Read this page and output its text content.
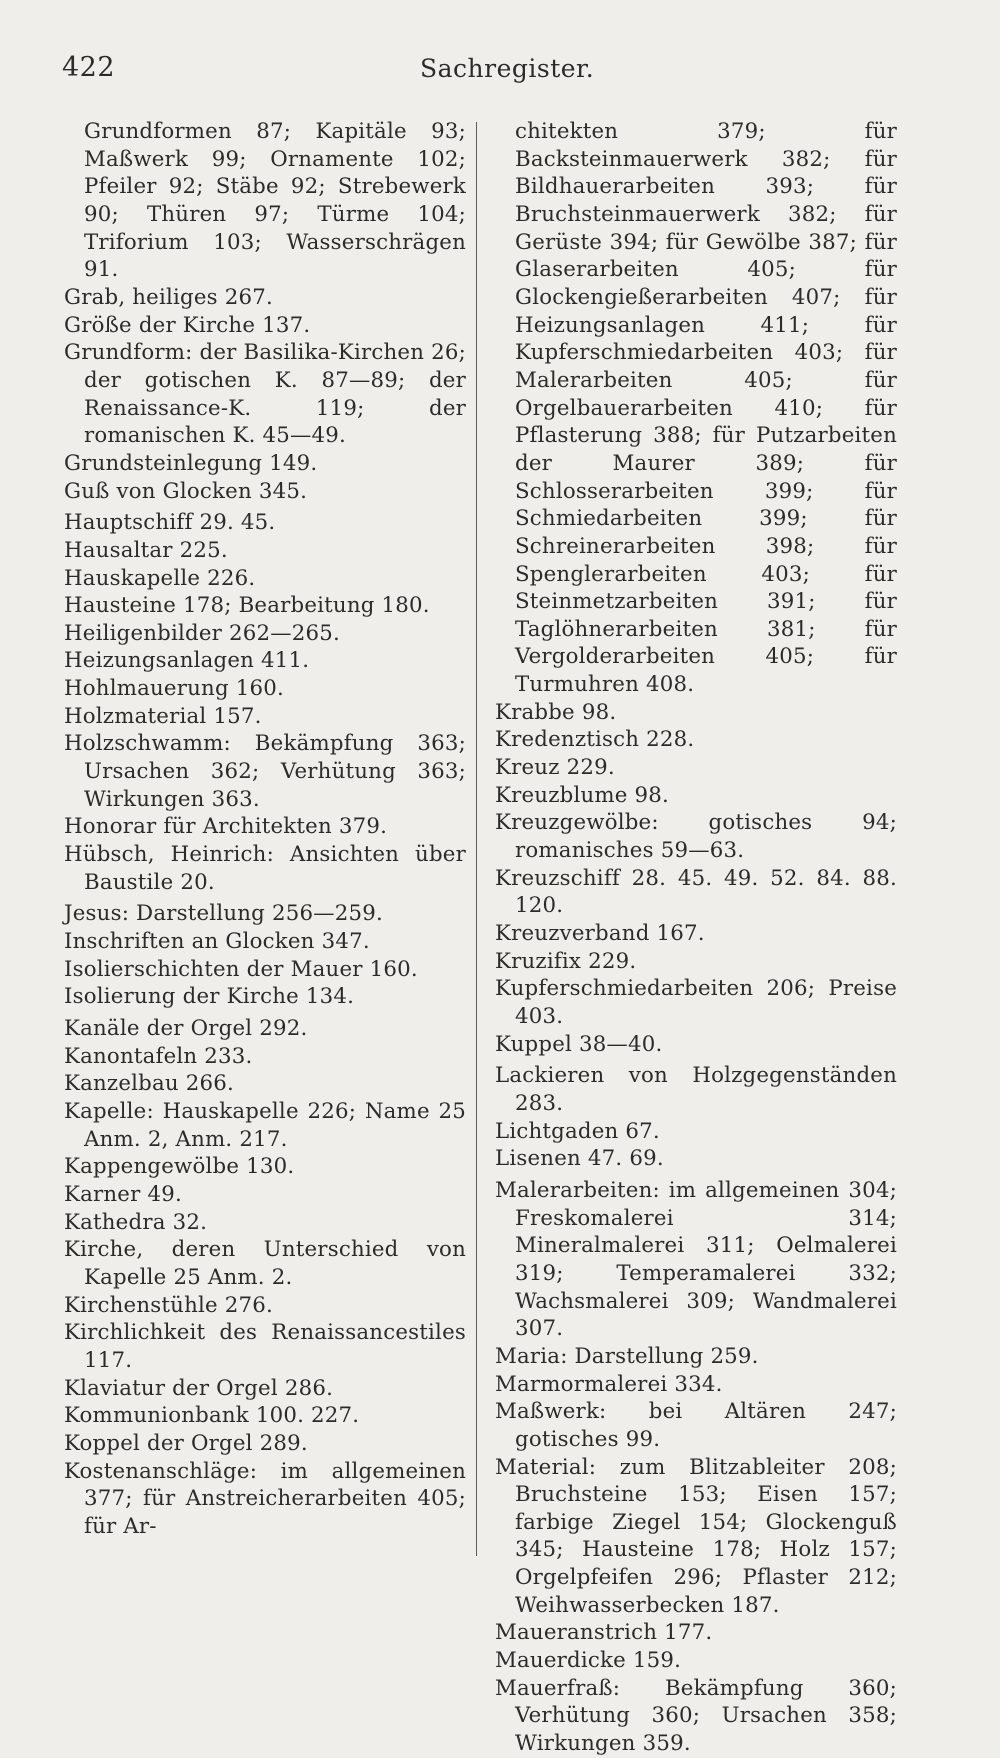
422	Sachregister.

Grundformen 87; Kapitäle 93; Maßwerk 99; Ornamente 102; Pfeiler 92; Stäbe 92; Strebewerk 90; Thüren 97; Türme 104; Triforium 103; Wasserschrägen 91.

Grab, heiliges 267.

Größe der Kirche 137.

Grundform: der Basilika-Kirchen 26; der gotischen K. 87—89; der Renaissance-K. 119; der romanischen K. 45—49.

Grundsteinlegung 149.

Guß von Glocken 345.

Hauptschiff 29. 45.

Hausaltar 225.

Hauskapelle 226.

Hausteine 178; Bearbeitung 180.

Heiligenbilder 262—265.

Heizungsanlagen 411.

Hohlmauerung 160.

Holzmaterial 157.

Holzschwamm: Bekämpfung 363; Ursachen 362; Verhütung 363; Wirkungen 363.

Honorar für Architekten 379.

Hübsch, Heinrich: Ansichten über Baustile 20.

Jesus: Darstellung 256—259.

Inschriften an Glocken 347.

Isolierschichten der Mauer 160.

Isolierung der Kirche 134.

Kanäle der Orgel 292.

Kanontafeln 233.

Kanzelbau 266.

Kapelle: Hauskapelle 226; Name 25 Anm. 2, Anm. 217.

Kappengewölbe 130.

Karner 49.

Kathedra 32.

Kirche, deren Unterschied von Kapelle 25 Anm. 2.

Kirchenstühle 276.

Kirchlichkeit des Renaissancestiles 117.

Klaviatur der Orgel 286.

Kommunionbank 100. 227.

Koppel der Orgel 289.

Kostenanschläge: im allgemeinen 377; für Anstreicherarbeiten 405; für Ar-

chitekten 379; für Backsteinmauerwerk 382; für Bildhauerarbeiten 393; für Bruchsteinmauerwerk 382; für Gerüste 394; für Gewölbe 387; für Glaserarbeiten 405; für Glockengießerarbeiten 407; für Heizungsanlagen 411; für Kupferschmiedarbeiten 403; für Malerarbeiten 405; für Orgelbauerarbeiten 410; für Pflasterung 388; für Putzarbeiten der Maurer 389; für Schlosserarbeiten 399; für Schmiedarbeiten 399; für Schreinerarbeiten 398; für Spenglerarbeiten 403; für Steinmetzarbeiten 391; für Taglöhnerarbeiten 381; für Vergolderarbeiten 405; für Turmuhren 408.

Krabbe 98.

Kredenztisch 228.

Kreuz 229.

Kreuzblume 98.

Kreuzgewölbe: gotisches 94; romanisches 59—63.

Kreuzschiff 28. 45. 49. 52. 84. 88. 120.

Kreuzverband 167.

Kruzifix 229.

Kupferschmiedarbeiten 206; Preise 403.

Kuppel 38—40.

Lackieren von Holzgegenständen 283.

Lichtgaden 67.

Lisenen 47. 69.

Malerarbeiten: im allgemeinen 304; Freskomalerei 314; Mineralmalerei 311; Oelmalerei 319; Temperamalerei 332; Wachsmalerei 309; Wandmalerei 307.

Maria: Darstellung 259.

Marmormalerei 334.

Maßwerk: bei Altären 247; gotisches 99.

Material: zum Blitzableiter 208; Bruchsteine 153; Eisen 157; farbige Ziegel 154; Glockenguß 345; Hausteine 178; Holz 157; Orgelpfeifen 296; Pflaster 212; Weihwasserbecken 187.

Maueranstrich 177.

Mauerdicke 159.

Mauerfraß: Bekämpfung 360; Verhütung 360; Ursachen 358; Wirkungen 359.
